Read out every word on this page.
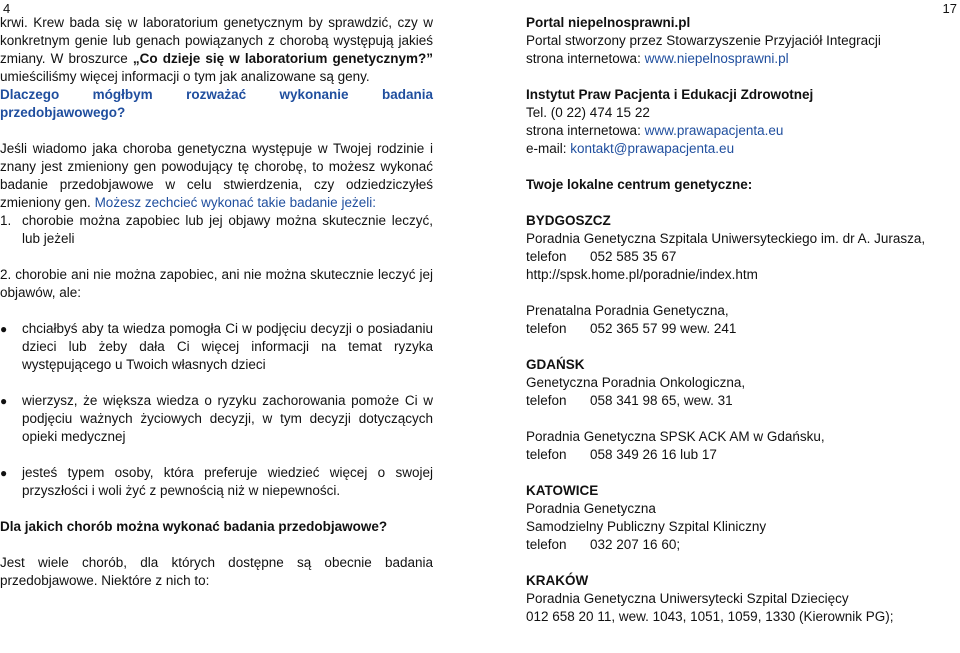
4	17

krwi. Krew bada się w laboratorium genetycznym by sprawdzić, czy w konkretnym genie lub genach powiązanych z chorobą występują jakieś zmiany. W broszurce „Co dzieje się w laboratorium genetycznym?” umieściliśmy więcej informacji o tym jak analizowane są geny.

Dlaczego mógłbym rozważać wykonanie badania przedobjawowego?

Jeśli wiadomo jaka choroba genetyczna występuje w Twojej rodzinie i znany jest zmieniony gen powodujący tę chorobę, to możesz wykonać badanie przedobjawowe w celu stwierdzenia, czy odziedziczyłeś zmieniony gen. Możesz zechcieć wykonać takie badanie jeżeli:

1. chorobie można zapobiec lub jej objawy można skutecznie leczyć, lub jeżeli

2. chorobie ani nie można zapobiec, ani nie można skutecznie leczyć jej objawów, ale:

●	chciałbyś aby ta wiedza pomogła Ci w podjęciu decyzji o posiadaniu dzieci lub żeby dała Ci więcej informacji na temat ryzyka występującego u Twoich własnych dzieci
●	wierzysz, że większa wiedza o ryzyku zachorowania pomoże Ci w podjęciu ważnych życiowych decyzji, w tym decyzji dotyczących opieki medycznej
●	jesteś typem osoby, która preferuje wiedzieć więcej o swojej przyszłości i woli żyć z pewnością niż w niepewności.

Dla jakich chorób można wykonać badania przedobjawowe?

Jest wiele chorób, dla których dostępne są obecnie badania przedobjawowe. Niektóre z nich to:

Portal niepelnosprawni.pl

Portal stworzony przez Stowarzyszenie Przyjaciół Integracji

strona internetowa: www.niepelnosprawni.pl

Instytut Praw Pacjenta i Edukacji Zdrowotnej

Tel. (0 22) 474 15 22

strona internetowa: www.prawapacjenta.eu

e-mail: kontakt@prawapacjenta.eu

Twoje lokalne centrum genetyczne:

BYDGOSZCZ

Poradnia Genetyczna Szpitala Uniwersyteckiego im. dr A. Jurasza,

telefon	052 585 35 67

http://spsk.home.pl/poradnie/index.htm

Prenatalna Poradnia Genetyczna,

telefon	052 365 57 99 wew. 241

GDAŃSK

Genetyczna Poradnia Onkologiczna,

telefon	058 341 98 65, wew. 31

Poradnia Genetyczna SPSK ACK AM w Gdańsku,

telefon	058 349 26 16 lub 17

KATOWICE

Poradnia Genetyczna

Samodzielny Publiczny Szpital Kliniczny

telefon	032 207 16 60;

KRAKÓW

Poradnia Genetyczna Uniwersytecki Szpital Dziecięcy

012 658 20 11, wew. 1043, 1051, 1059, 1330 (Kierownik PG);
